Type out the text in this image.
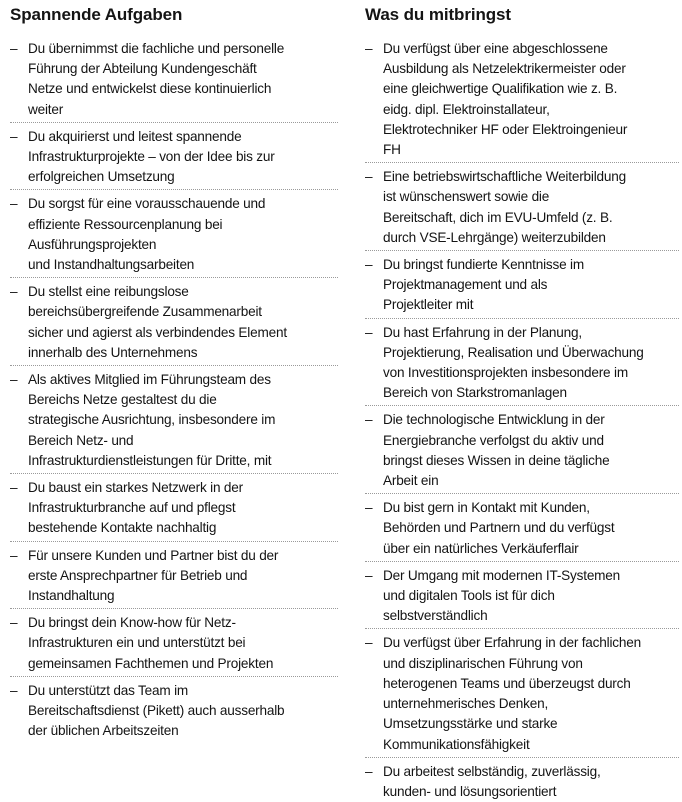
Spannende Aufgaben
– Du übernimmst die fachliche und personelle
Führung der Abteilung Kundengeschäft
Netze und entwickelst diese kontinuierlich
weiter
– Du akquirierst und leitest spannende
Infrastrukturprojekte – von der Idee bis zur
erfolgreichen Umsetzung
– Du sorgst für eine vorausschauende und
effiziente Ressourcenplanung bei
Ausführungsprojekten
und Instandhaltungsarbeiten
– Du stellst eine reibungslose
bereichsübergreifende Zusammenarbeit
sicher und agierst als verbindendes Element
innerhalb des Unternehmens
– Als aktives Mitglied im Führungsteam des
Bereichs Netze gestaltest du die
strategische Ausrichtung, insbesondere im
Bereich Netz- und
Infrastrukturdienstleistungen für Dritte, mit
– Du baust ein starkes Netzwerk in der
Infrastrukturbranche auf und pflegst
bestehende Kontakte nachhaltig
– Für unsere Kunden und Partner bist du der
erste Ansprechpartner für Betrieb und
Instandhaltung
– Du bringst dein Know-how für Netz-
Infrastrukturen ein und unterstützt bei
gemeinsamen Fachthemen und Projekten
– Du unterstützt das Team im
Bereitschaftsdienst (Pikett) auch ausserhalb
der üblichen Arbeitszeiten
Was du mitbringst
– Du verfügst über eine abgeschlossene
Ausbildung als Netzelektrikermeister oder
eine gleichwertige Qualifikation wie z. B.
eidg. dipl. Elektroinstallateur,
Elektrotechniker HF oder Elektroingenieur
FH
– Eine betriebswirtschaftliche Weiterbildung
ist wünschenswert sowie die
Bereitschaft, dich im EVU-Umfeld (z. B.
durch VSE-Lehrgänge) weiterzubilden
– Du bringst fundierte Kenntnisse im
Projektmanagement und als
Projektleiter mit
– Du hast Erfahrung in der Planung,
Projektierung, Realisation und Überwachung
von Investitionsprojekten insbesondere im
Bereich von Starkstromanlagen
– Die technologische Entwicklung in der
Energiebranche verfolgst du aktiv und
bringst dieses Wissen in deine tägliche
Arbeit ein
– Du bist gern in Kontakt mit Kunden,
Behörden und Partnern und du verfügst
über ein natürliches Verkäuferflair
– Der Umgang mit modernen IT-Systemen
und digitalen Tools ist für dich
selbstverständlich
– Du verfügst über Erfahrung in der fachlichen
und disziplinarischen Führung von
heterogenen Teams und überzeugst durch
unternehmerisches Denken,
Umsetzungsstärke und starke
Kommunikationsfähigkeit
– Du arbeitest selbständig, zuverlässig,
kunden- und lösungsorientiert
